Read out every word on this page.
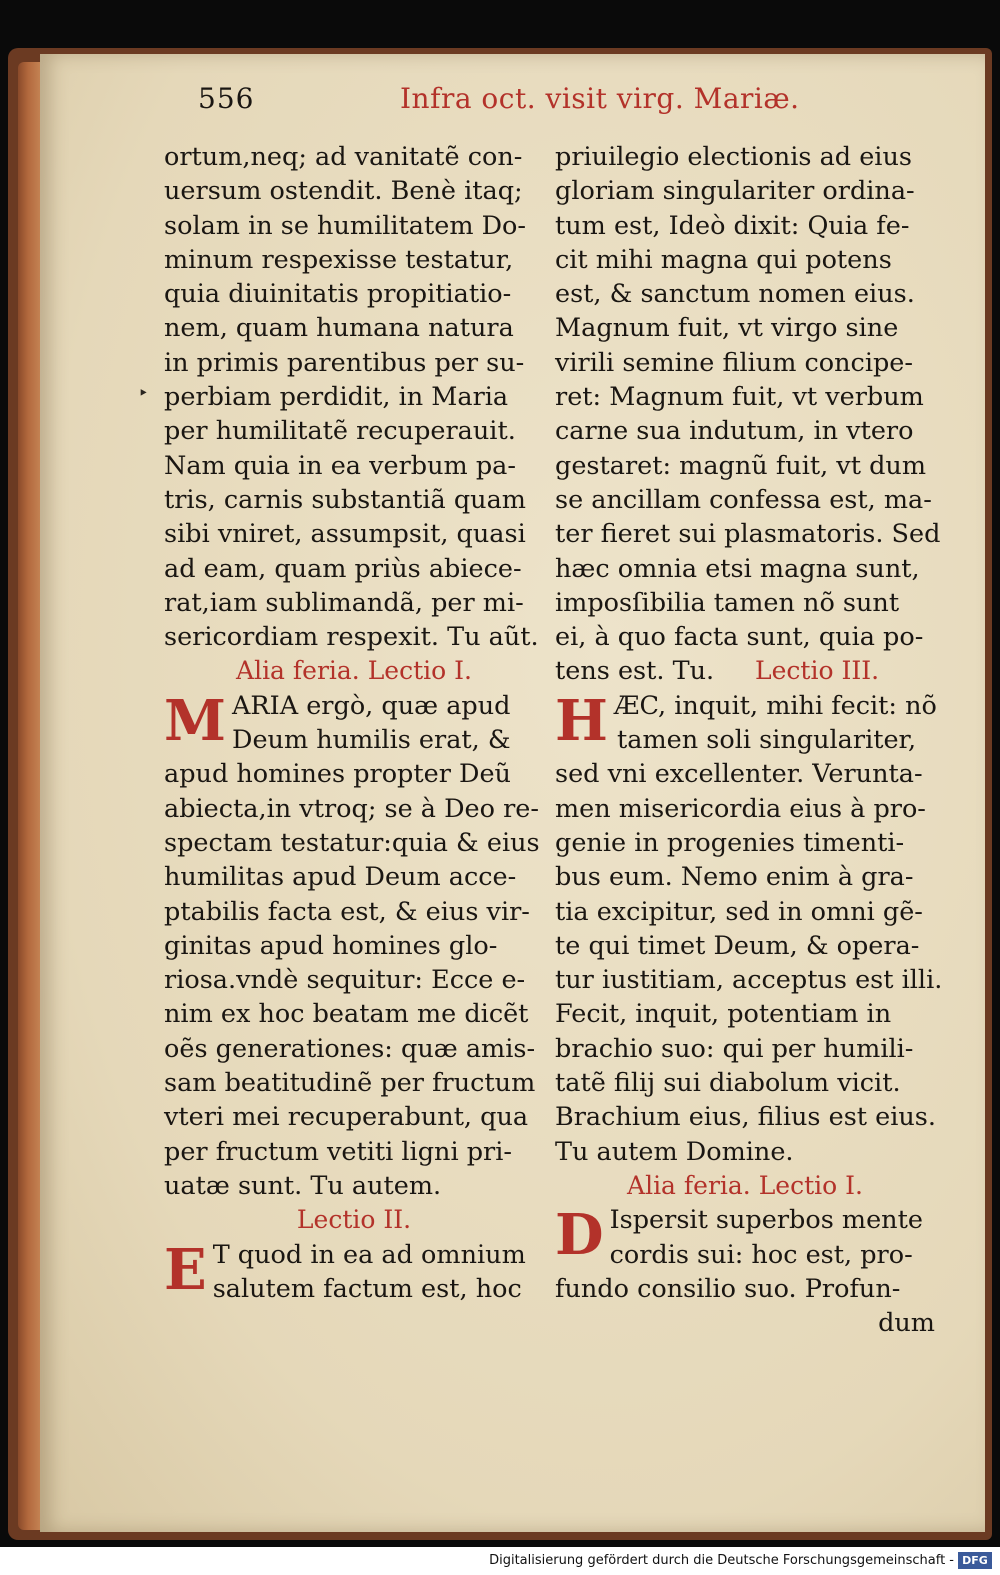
556	Infra oct. visit virg. Mariæ.
‣
ortum,neq; ad vanitatẽ con-
uersum ostendit. Benè itaq;
solam in se humilitatem Do-
minum respexisse testatur,
quia diuinitatis propitiatio-
nem, quam humana natura
in primis parentibus per su-
perbiam perdidit, in Maria
per humilitatẽ recuperauit.
Nam quia in ea verbum pa-
tris, carnis substantiã quam
sibi vniret, assumpsit, quasi
ad eam, quam priùs abiece-
rat,iam sublimandã, per mi-
sericordiam respexit. Tu aũt.
Alia feria. Lectio I.
M ARIA ergò, quæ apud
Deum humilis erat, &
apud homines propter Deũ
abiecta,in vtroq; se à Deo re-
spectam testatur:quia & eius
humilitas apud Deum acce-
ptabilis facta est, & eius vir-
ginitas apud homines glo-
riosa.vndè sequitur: Ecce e-
nim ex hoc beatam me dicẽt
oẽs generationes: quæ amis-
sam beatitudinẽ per fructum
vteri mei recuperabunt, qua
per fructum vetiti ligni pri-
uatæ sunt. Tu autem.
Lectio II.
E T quod in ea ad omnium
salutem factum est, hoc
priuilegio electionis ad eius
gloriam singulariter ordina-
tum est, Ideò dixit: Quia fe-
cit mihi magna qui potens
est, & sanctum nomen eius.
Magnum fuit, vt virgo sine
virili semine filium concipe-
ret: Magnum fuit, vt verbum
carne sua indutum, in vtero
gestaret: magnũ fuit, vt dum
se ancillam confessa est, ma-
ter fieret sui plasmatoris. Sed
hæc omnia etsi magna sunt,
imposſibilia tamen nõ sunt
ei, à quo facta sunt, quia po-
tens est. Tu. Lectio III.
H ÆC, inquit, mihi fecit: nõ
tamen soli singulariter,
sed vni excellenter. Veruntа-
men misericordia eius à pro-
genie in progenies timenti-
bus eum. Nemo enim à gra-
tia excipitur, sed in omni gẽ-
te qui timet Deum, & opera-
tur iustitiam, acceptus est illi.
Fecit, inquit, potentiam in
brachio suo: qui per humili-
tatẽ filij sui diabolum vicit.
Brachium eius, filius est eius.
Tu autem Domine.
Alia feria. Lectio I.
D Ispersit superbos mente
cordis sui: hoc est, pro-
fundo consilio suo. Profun-
dum
Digitalisierung gefördert durch die Deutsche Forschungsgemeinschaft - DFG
